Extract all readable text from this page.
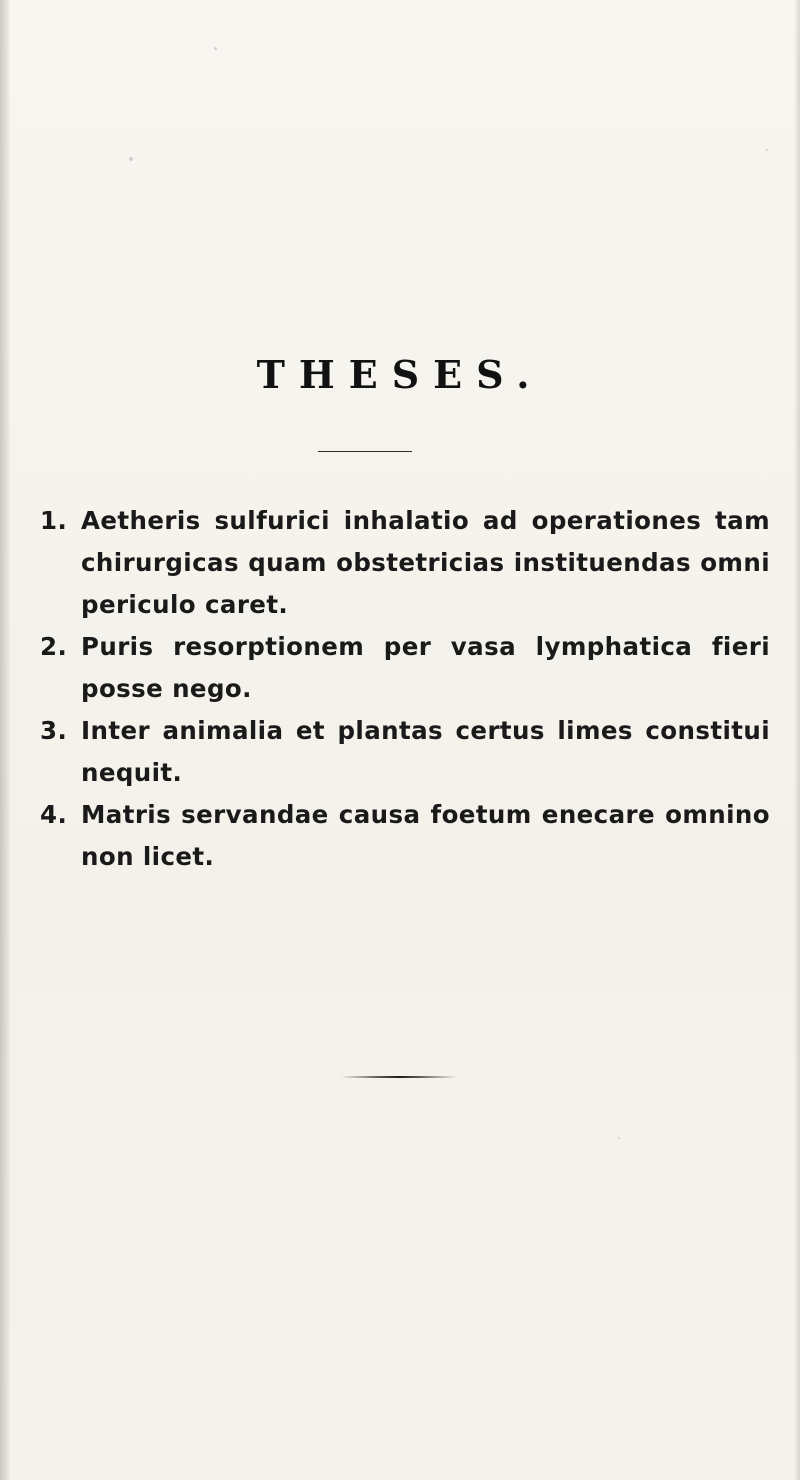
THESES.
1. Aetheris sulfurici inhalatio ad operationes tam chirurgicas quam obstetricias instituendas omni periculo caret.
2. Puris resorptionem per vasa lymphatica fieri posse nego.
3. Inter animalia et plantas certus limes constitui nequit.
4. Matris servandae causa foetum enecare omnino non licet.
